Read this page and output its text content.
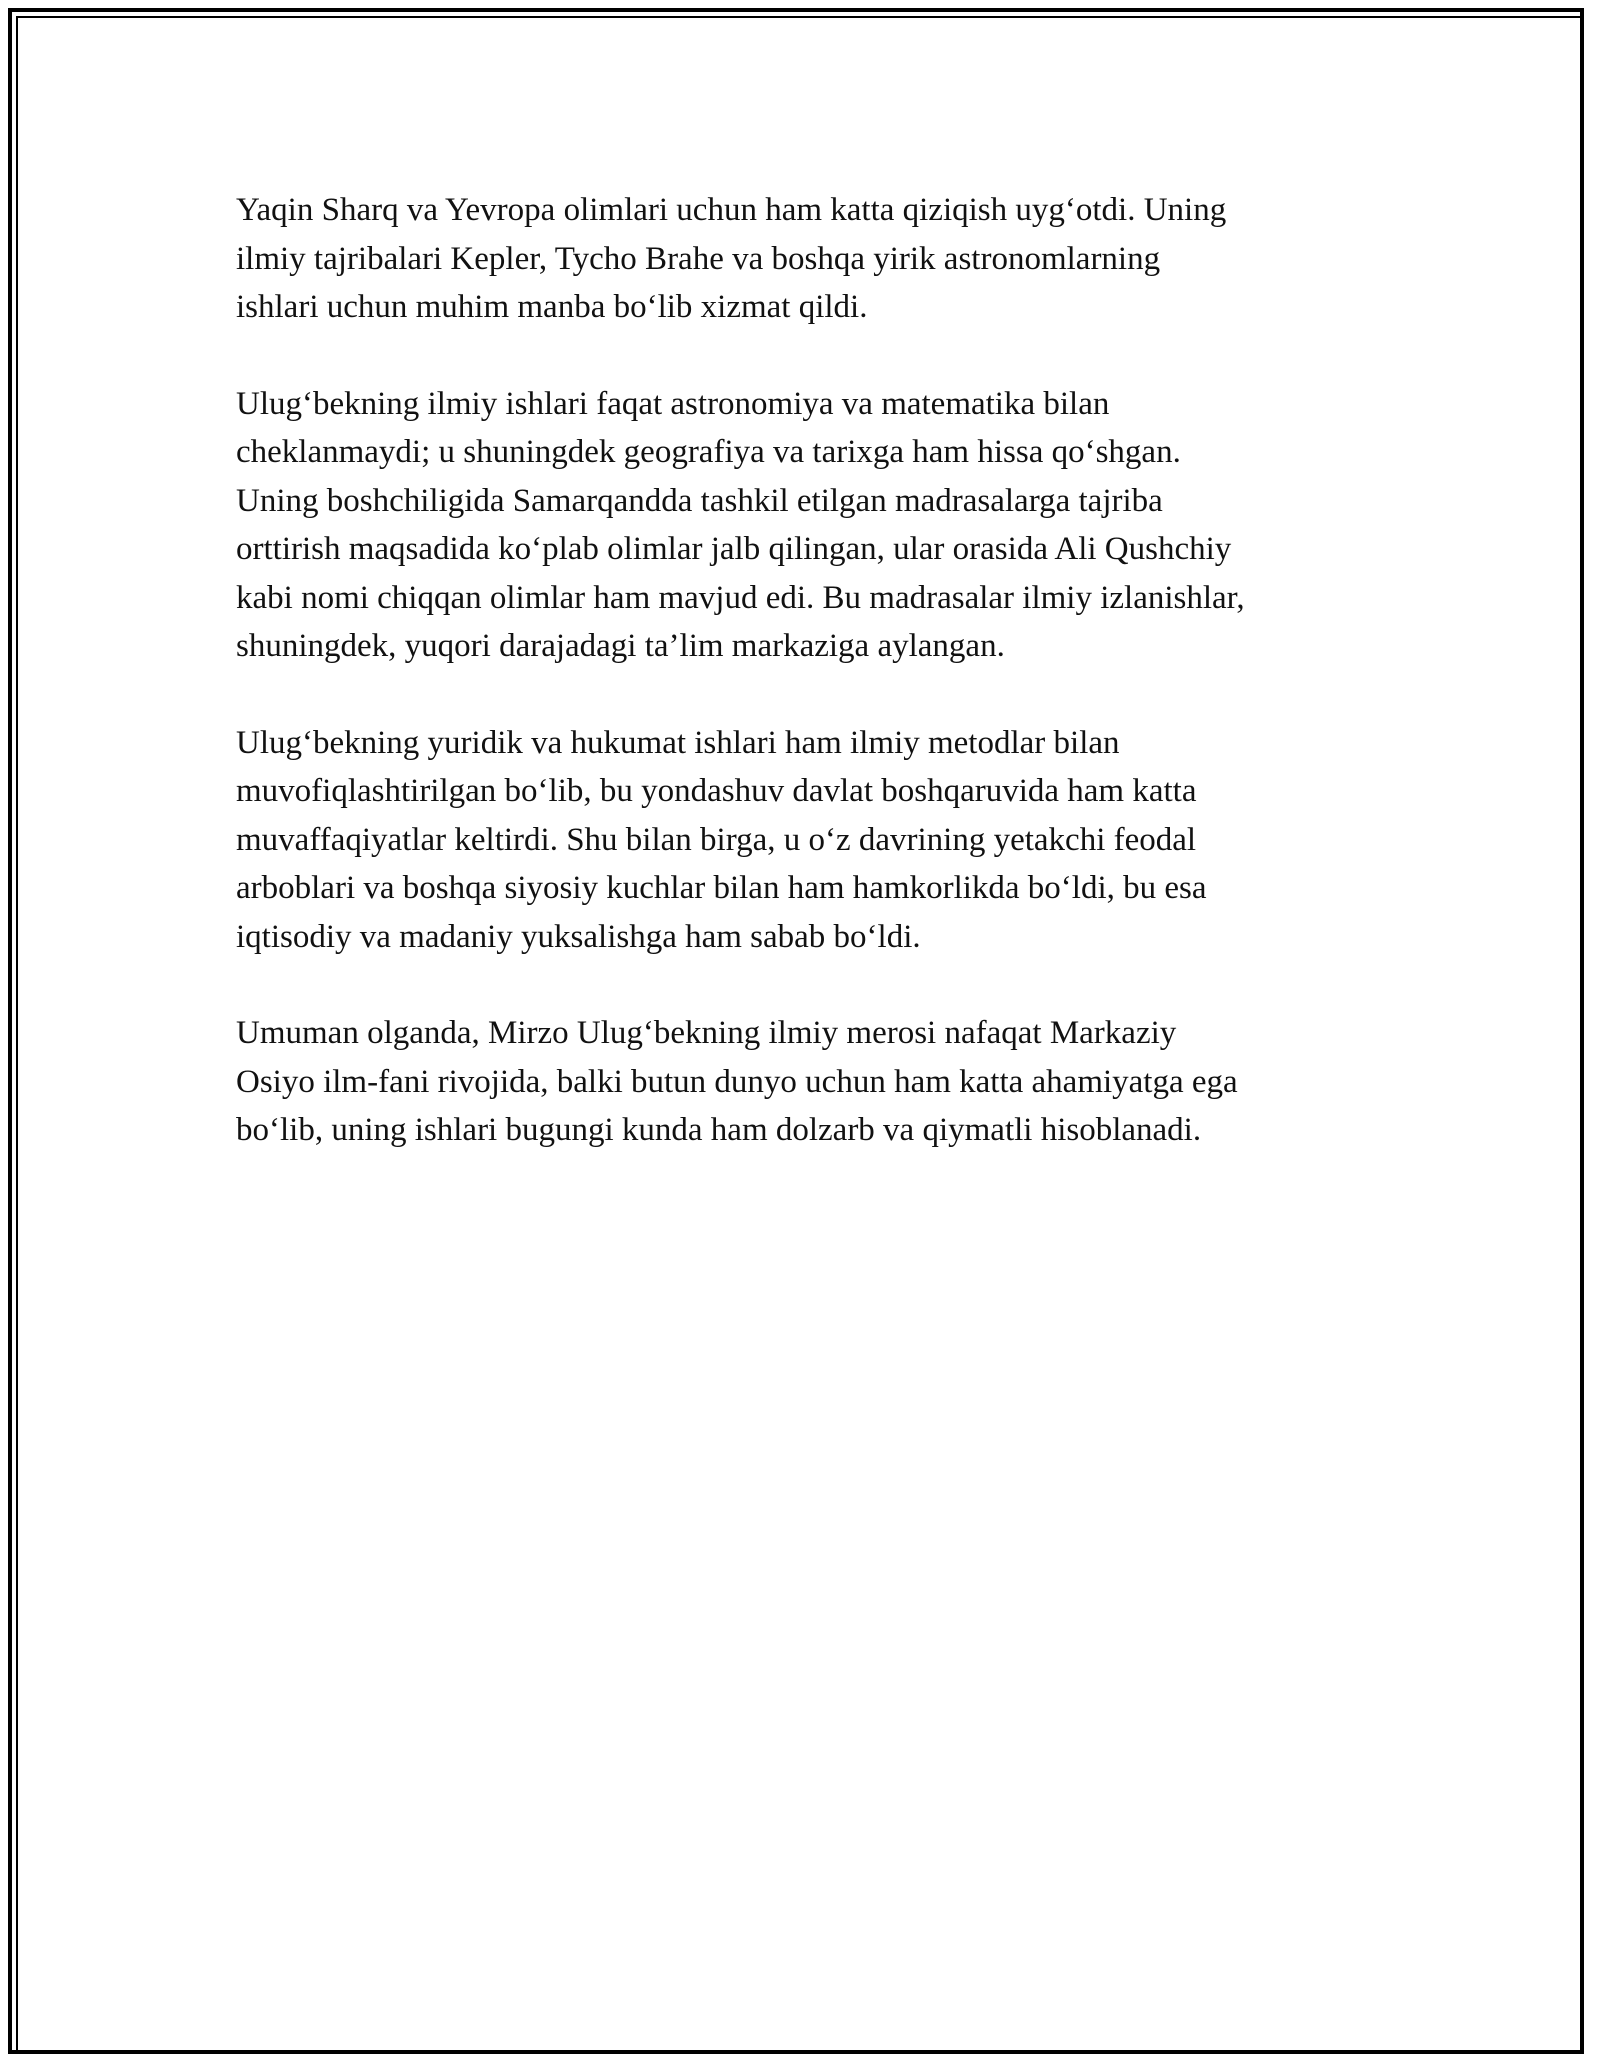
Yaqin Sharq va Yevropa olimlari uchun ham katta qiziqish uyg‘otdi. Uning
ilmiy tajribalari Kepler, Tycho Brahe va boshqa yirik astronomlarning
ishlari uchun muhim manba bo‘lib xizmat qildi.

Ulug‘bekning ilmiy ishlari faqat astronomiya va matematika bilan
cheklanmaydi; u shuningdek geografiya va tarixga ham hissa qo‘shgan.
Uning boshchiligida Samarqandda tashkil etilgan madrasalarga tajriba
orttirish maqsadida ko‘plab olimlar jalb qilingan, ular orasida Ali Qushchiy
kabi nomi chiqqan olimlar ham mavjud edi. Bu madrasalar ilmiy izlanishlar,
shuningdek, yuqori darajadagi ta’lim markaziga aylangan.

Ulug‘bekning yuridik va hukumat ishlari ham ilmiy metodlar bilan
muvofiqlashtirilgan bo‘lib, bu yondashuv davlat boshqaruvida ham katta
muvaffaqiyatlar keltirdi. Shu bilan birga, u o‘z davrining yetakchi feodal
arboblari va boshqa siyosiy kuchlar bilan ham hamkorlikda bo‘ldi, bu esa
iqtisodiy va madaniy yuksalishga ham sabab bo‘ldi.

Umuman olganda, Mirzo Ulug‘bekning ilmiy merosi nafaqat Markaziy
Osiyo ilm-fani rivojida, balki butun dunyo uchun ham katta ahamiyatga ega
bo‘lib, uning ishlari bugungi kunda ham dolzarb va qiymatli hisoblanadi.
